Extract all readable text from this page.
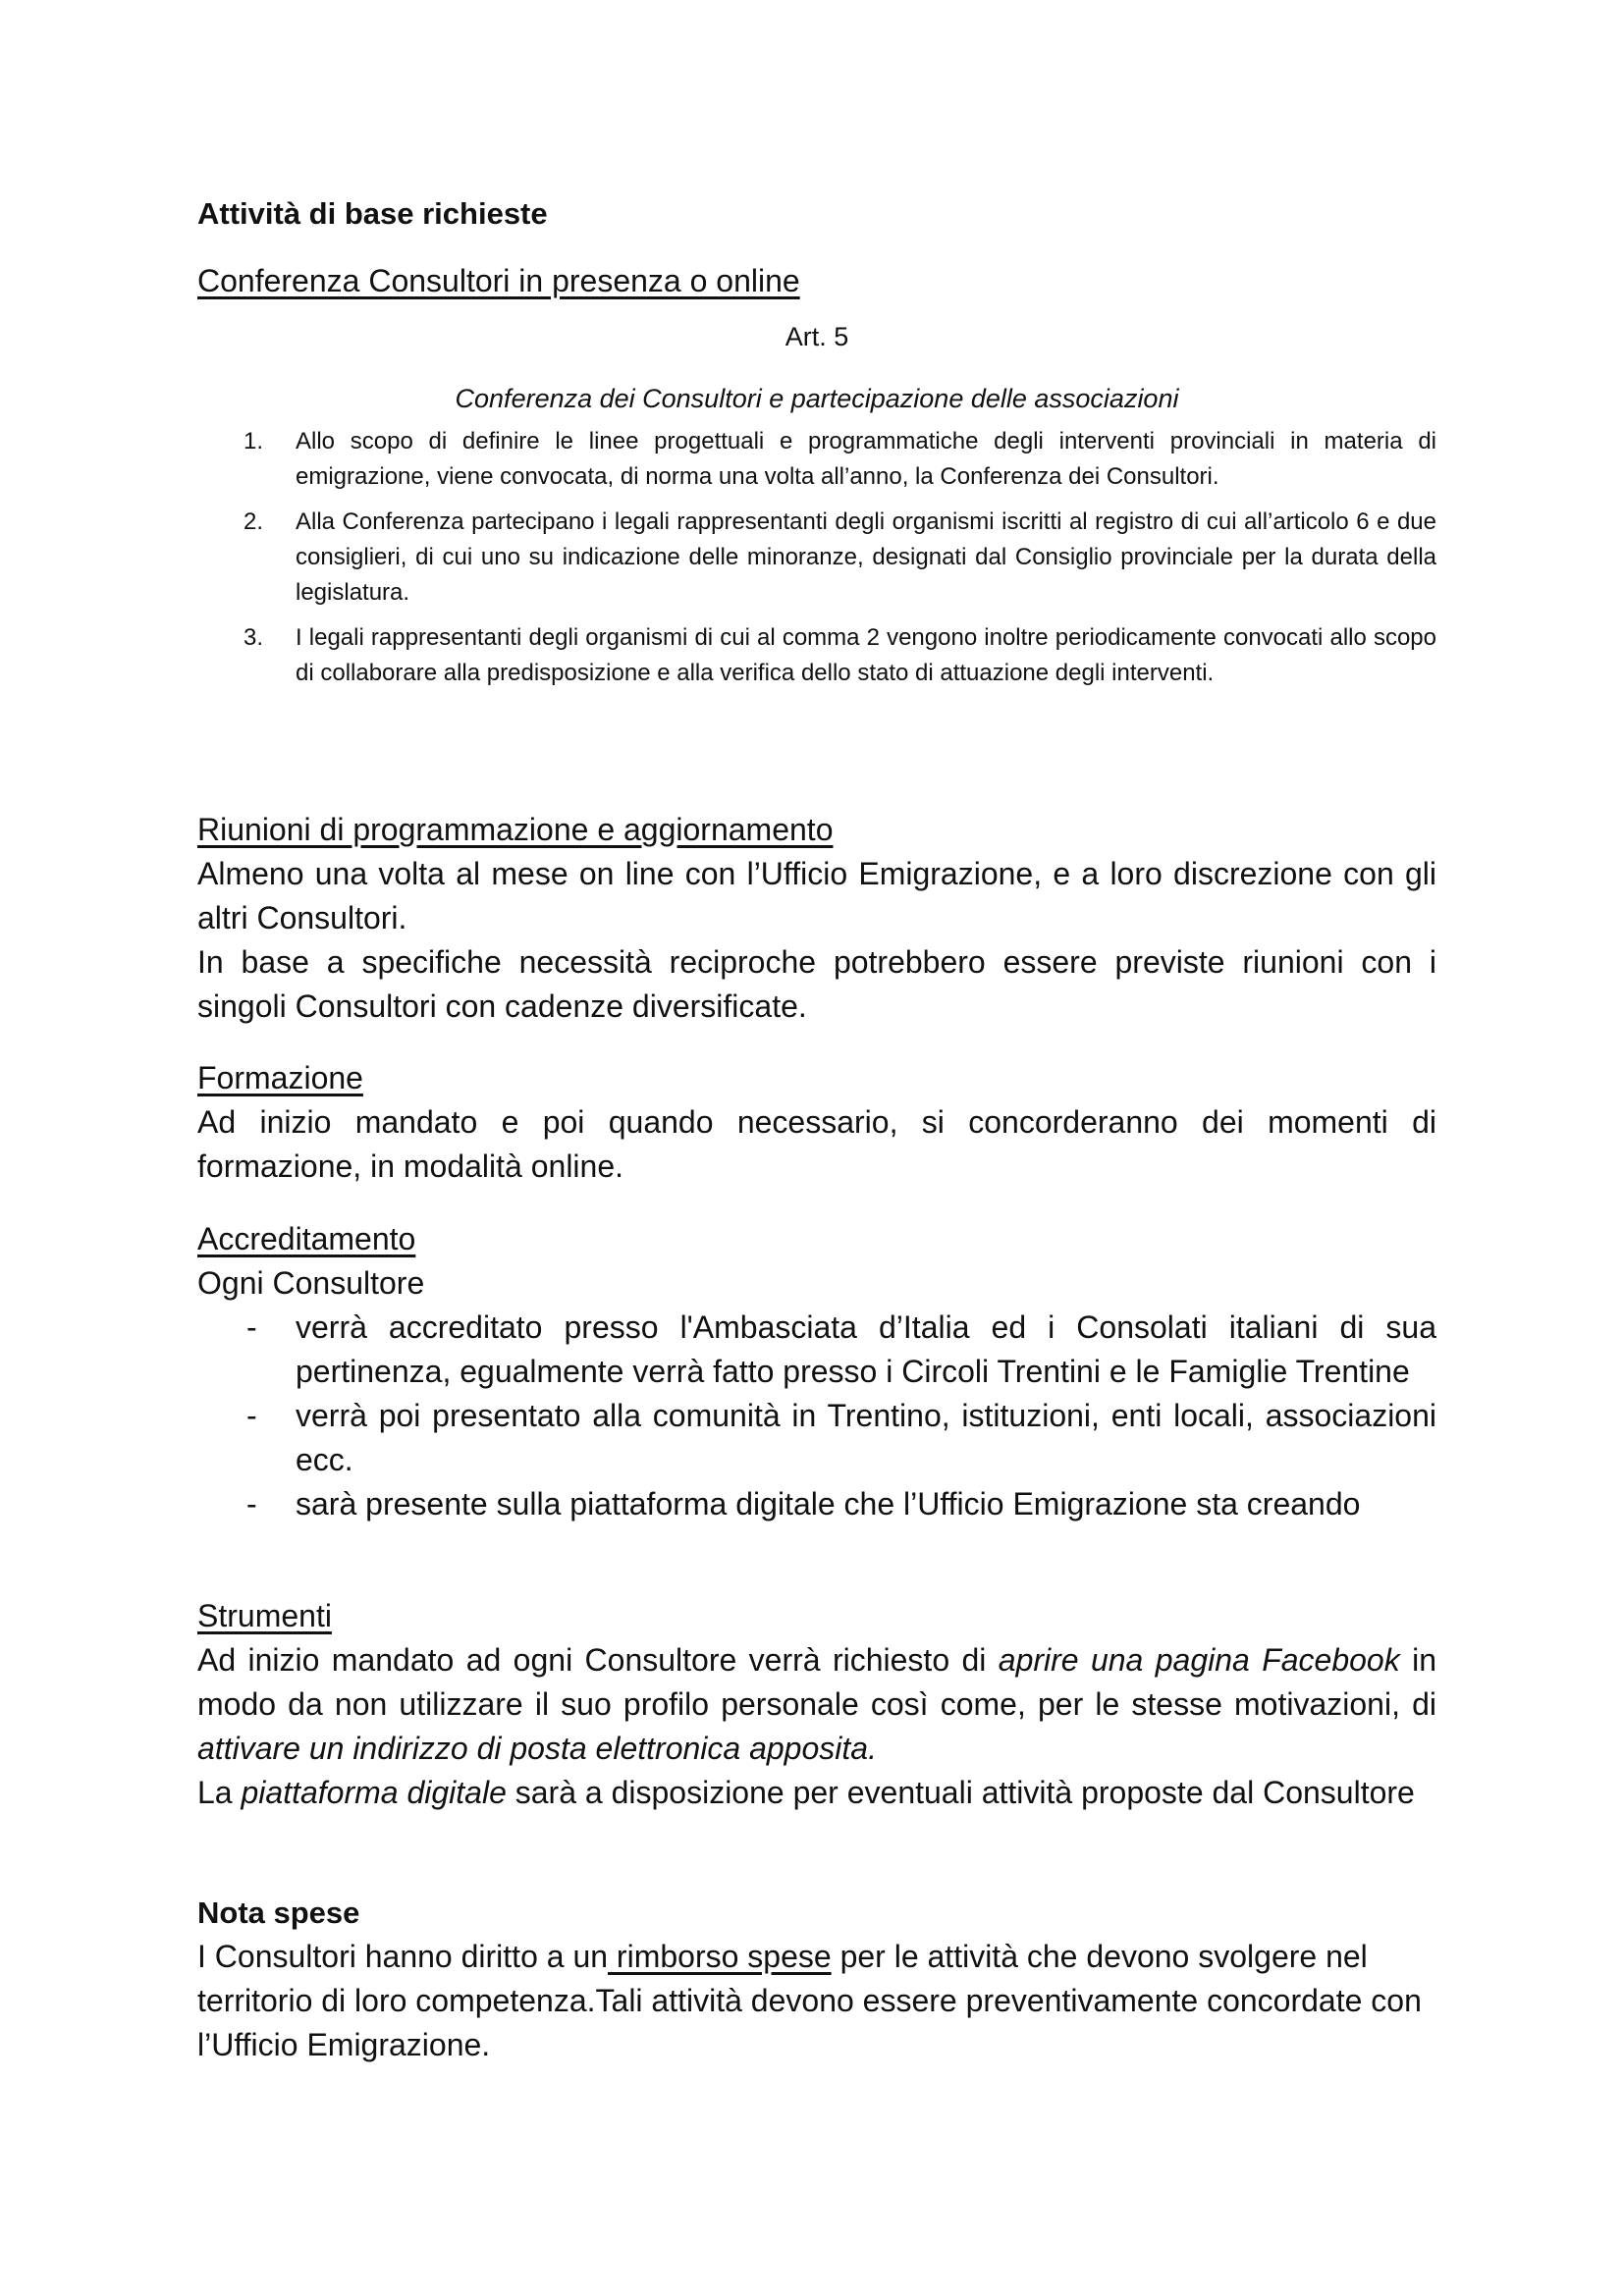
Attività di base richieste
Conferenza Consultori in presenza o online
Art. 5
Conferenza dei Consultori e partecipazione delle associazioni
1. Allo scopo di definire le linee progettuali e programmatiche degli interventi provinciali in materia di emigrazione, viene convocata, di norma una volta all’anno, la Conferenza dei Consultori.
2. Alla Conferenza partecipano i legali rappresentanti degli organismi iscritti al registro di cui all’articolo 6 e due consiglieri, di cui uno su indicazione delle minoranze, designati dal Consiglio provinciale per la durata della legislatura.
3. I legali rappresentanti degli organismi di cui al comma 2 vengono inoltre periodicamente convocati allo scopo di collaborare alla predisposizione e alla verifica dello stato di attuazione degli interventi.
Riunioni di programmazione e aggiornamento

Almeno una volta al mese on line con l’Ufficio Emigrazione, e a loro discrezione con gli altri Consultori.

In base a specifiche necessità reciproche potrebbero essere previste riunioni con i singoli Consultori con cadenze diversificate.

Formazione

Ad inizio mandato e poi quando necessario, si concorderanno dei momenti di formazione, in modalità online.

Accreditamento

Ogni Consultore

- verrà accreditato presso l'Ambasciata d’Italia ed i Consolati italiani di sua pertinenza, egualmente verrà fatto presso i Circoli Trentini e le Famiglie Trentine
- verrà poi presentato alla comunità in Trentino, istituzioni, enti locali, associazioni ecc.
- sarà presente sulla piattaforma digitale che l’Ufficio Emigrazione sta creando
Strumenti

Ad inizio mandato ad ogni Consultore verrà richiesto di aprire una pagina Facebook in modo da non utilizzare il suo profilo personale così come, per le stesse motivazioni, di attivare un indirizzo di posta elettronica apposita.

La piattaforma digitale sarà a disposizione per eventuali attività proposte dal Consultore

Nota spese

I Consultori hanno diritto a un rimborso spese per le attività che devono svolgere nel territorio di loro competenza.Tali attività devono essere preventivamente concordate con l’Ufficio Emigrazione.
